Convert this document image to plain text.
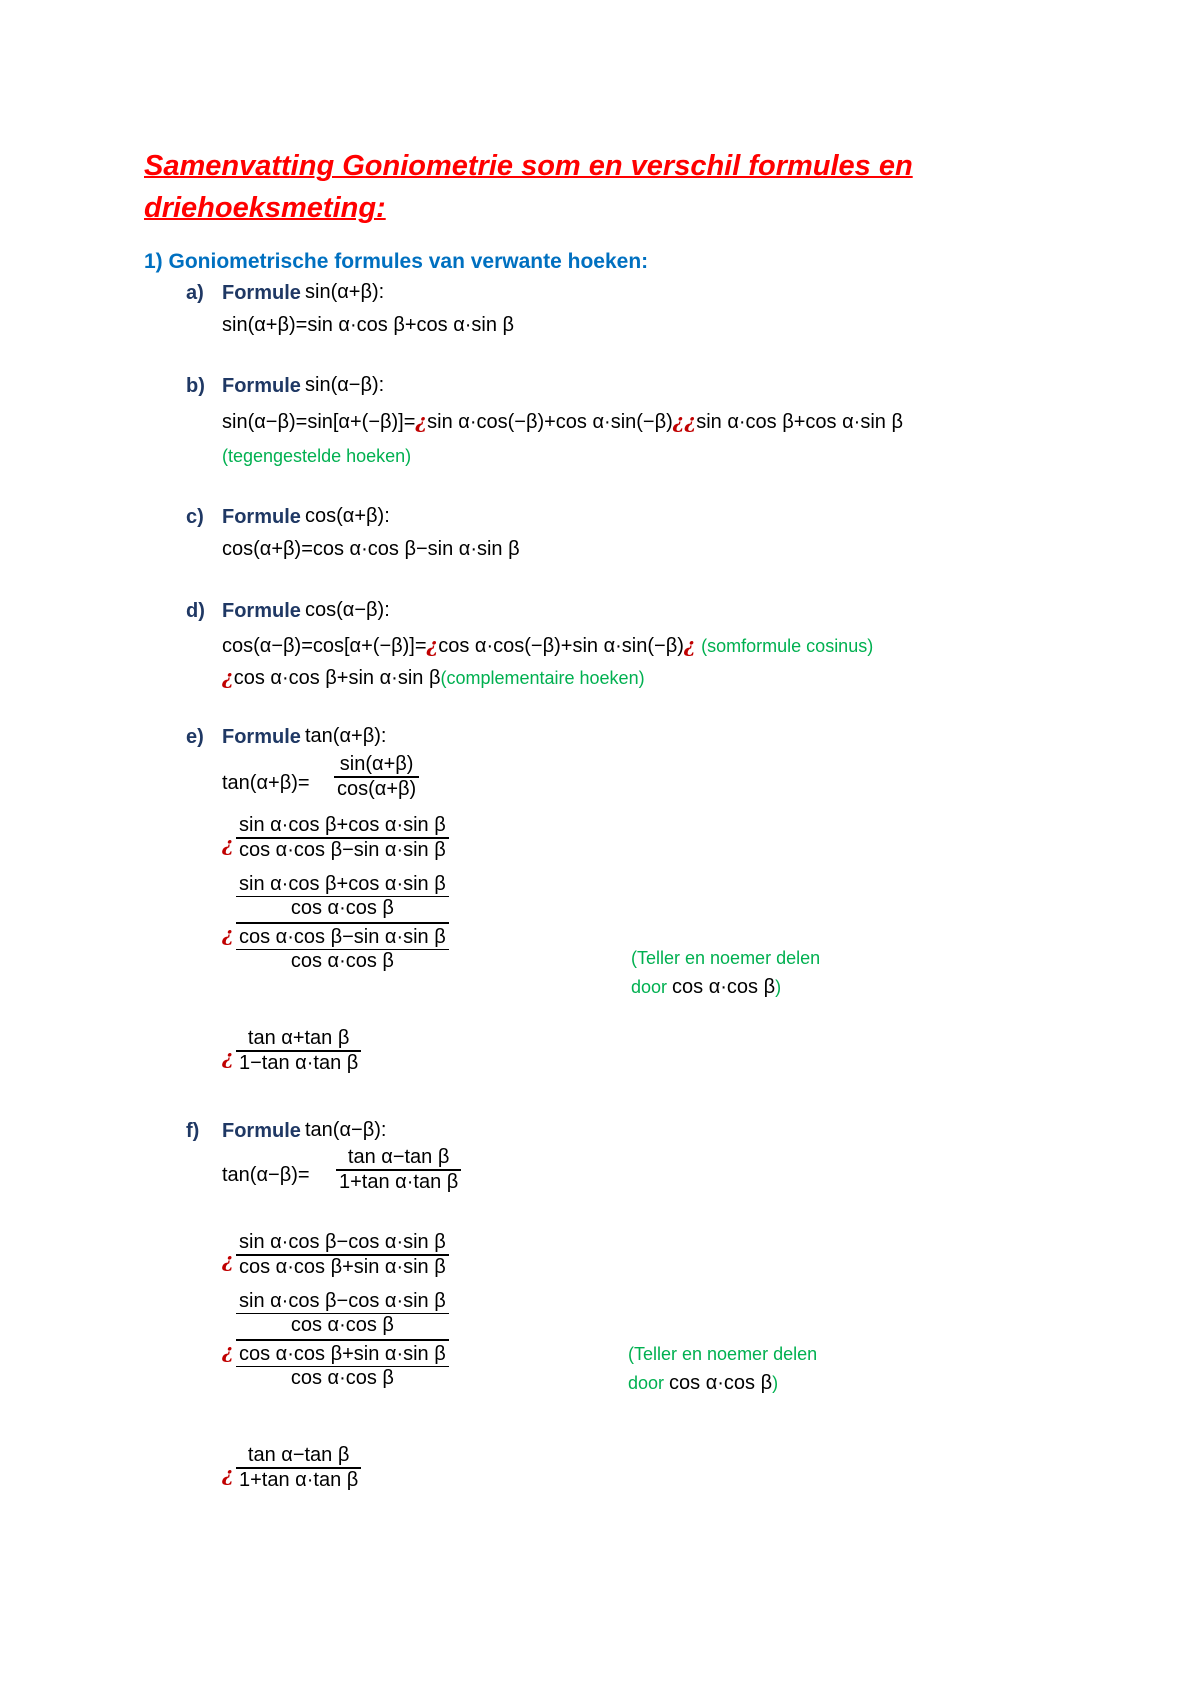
Samenvatting Goniometrie som en verschil formules en
driehoeksmeting:
1) Goniometrische formules van verwante hoeken:
a) Formule sin(α+β):
sin(α+β)=sin α·cos β+cos α·sin β
b) Formule sin(α−β):
sin(α−β)=sin[α+(−β)]=¿sin α·cos(−β)+cos α·sin(−β)¿¿sin α·cos β+cos α·sin β
(tegengestelde hoeken)
c) Formule cos(α+β):
cos(α+β)=cos α·cos β−sin α·sin β
d) Formule cos(α−β):
cos(α−β)=cos[α+(−β)]=¿cos α·cos(−β)+sin α·sin(−β)¿ (somformule cosinus)
¿cos α·cos β+sin α·sin β(complementaire hoeken)
e) Formule tan(α+β):
tan(α+β)=
sin(α+β)
cos(α+β)
¿
sin α·cos β+cos α·sin β
cos α·cos β−sin α·sin β
¿
$\frac{\text{sin α·cos β+cos α·sin β}}{\text{cos α·cos β}}$
$\frac{\text{cos α·cos β−sin α·sin β}}{\text{cos α·cos β}}$	(Teller en noemer delen
door cos α·cos β)
¿
tan α+tan β
1−tan α·tan β
f) Formule tan(α−β):
tan(α−β)=
tan α−tan β
1+tan α·tan β
¿
sin α·cos β−cos α·sin β
cos α·cos β+sin α·sin β
¿
$\frac{\text{sin α·cos β−cos α·sin β}}{\text{cos α·cos β}}$
$\frac{\text{cos α·cos β+sin α·sin β}}{\text{cos α·cos β}}$	(Teller en noemer delen
door cos α·cos β)
¿
tan α−tan β
1+tan α·tan β
